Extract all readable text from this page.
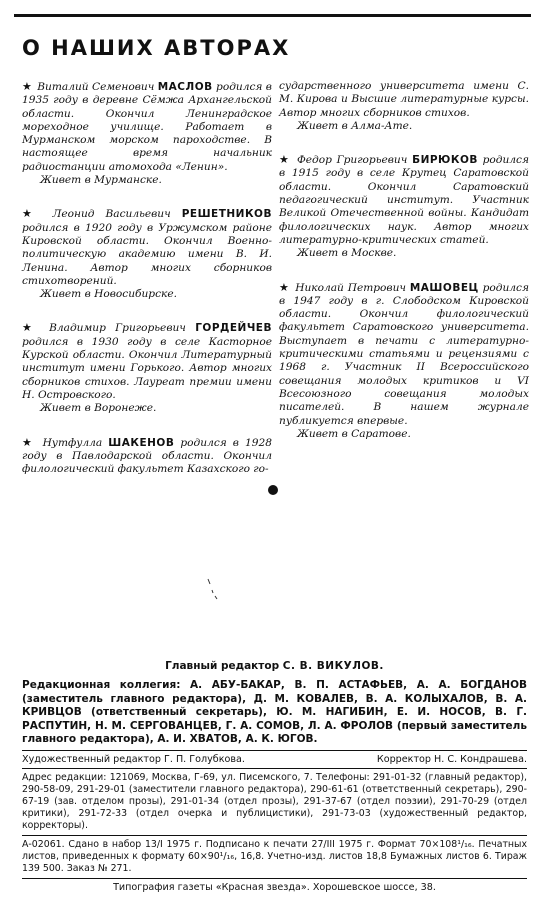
О НАШИХ АВТОРАХ

★ Виталий Семенович МАСЛОВ родился в 1935 году в деревне Сёмжа Архангельской области. Окончил Ленинградское мореходное училище. Работает в Мурманском морском пароходстве. В настоящее время начальник радиостанции атомохода «Ленин».

Живет в Мурманске.

★ Леонид Васильевич РЕШЕТНИКОВ родился в 1920 году в Уржумском районе Кировской области. Окончил Военно-политическую академию имени В. И. Ленина. Автор многих сборников стихотворений.

Живет в Новосибирске.

★ Владимир Григорьевич ГОРДЕЙЧЕВ родился в 1930 году в селе Касторное Курской области. Окончил Литературный институт имени Горького. Автор многих сборников стихов. Лауреат премии имени Н. Островского.

Живет в Воронеже.

★ Нутфулла ШАКЕНОВ родился в 1928 году в Павлодарской области. Окончил филологический факультет Казахского го-

сударственного университета имени С. М. Кирова и Высшие литературные курсы. Автор многих сборников стихов.

Живет в Алма-Ате.

★ Федор Григорьевич БИРЮКОВ родился в 1915 году в селе Крутец Саратовской области. Окончил Саратовский педагогический институт. Участник Великой Отечественной войны. Кандидат филологических наук. Автор многих литературно-критических статей.

Живет в Москве.

★ Николай Петрович МАШОВЕЦ родился в 1947 году в г. Слободском Кировской области. Окончил филологический факультет Саратовского университета. Выступает в печати с литературно-критическими статьями и рецензиями с 1968 г. Участник II Всероссийского совещания молодых критиков и VI Всесоюзного совещания молодых писателей. В нашем журнале публикуется впервые.

Живет в Саратове.

Главный редактор С. В. ВИКУЛОВ.
Редакционная коллегия: А. АБУ-БАКАР, В. П. АСТАФЬЕВ, А. А. БОГДАНОВ (заместитель главного редактора), Д. М. КОВАЛЕВ, В. А. КОЛЫХАЛОВ, В. А. КРИВЦОВ (ответственный секретарь), Ю. М. НАГИБИН, Е. И. НОСОВ, В. Г. РАСПУТИН, Н. М. СЕРГОВАНЦЕВ, Г. А. СОМОВ, Л. А. ФРОЛОВ (первый заместитель главного редактора), А. И. ХВАТОВ, А. К. ЮГОВ.
Художественный редактор Г. П. Голубкова.	Корректор Н. С. Кондрашева.
Адрес редакции: 121069, Москва, Г-69, ул. Писемского, 7. Телефоны: 291-01-32 (главный редактор), 290-58-09, 291-29-01 (заместители главного редактора), 290-61-61 (ответственный секретарь), 290-67-19 (зав. отделом прозы), 291-01-34 (отдел прозы), 291-37-67 (отдел поэзии), 291-70-29 (отдел критики), 291-72-33 (отдел очерка и публицистики), 291-73-03 (художественный редактор, корректоры).
А-02061. Сдано в набор 13/I 1975 г. Подписано к печати 27/III 1975 г. Формат 70×108¹/₁₆. Печатных листов, приведенных к формату 60×90¹/₁₆, 16,8. Учетно-изд. листов 18,8 Бумажных листов 6. Тираж 139 500. Заказ № 271.
Типография газеты «Красная звезда». Хорошевское шоссе, 38.
